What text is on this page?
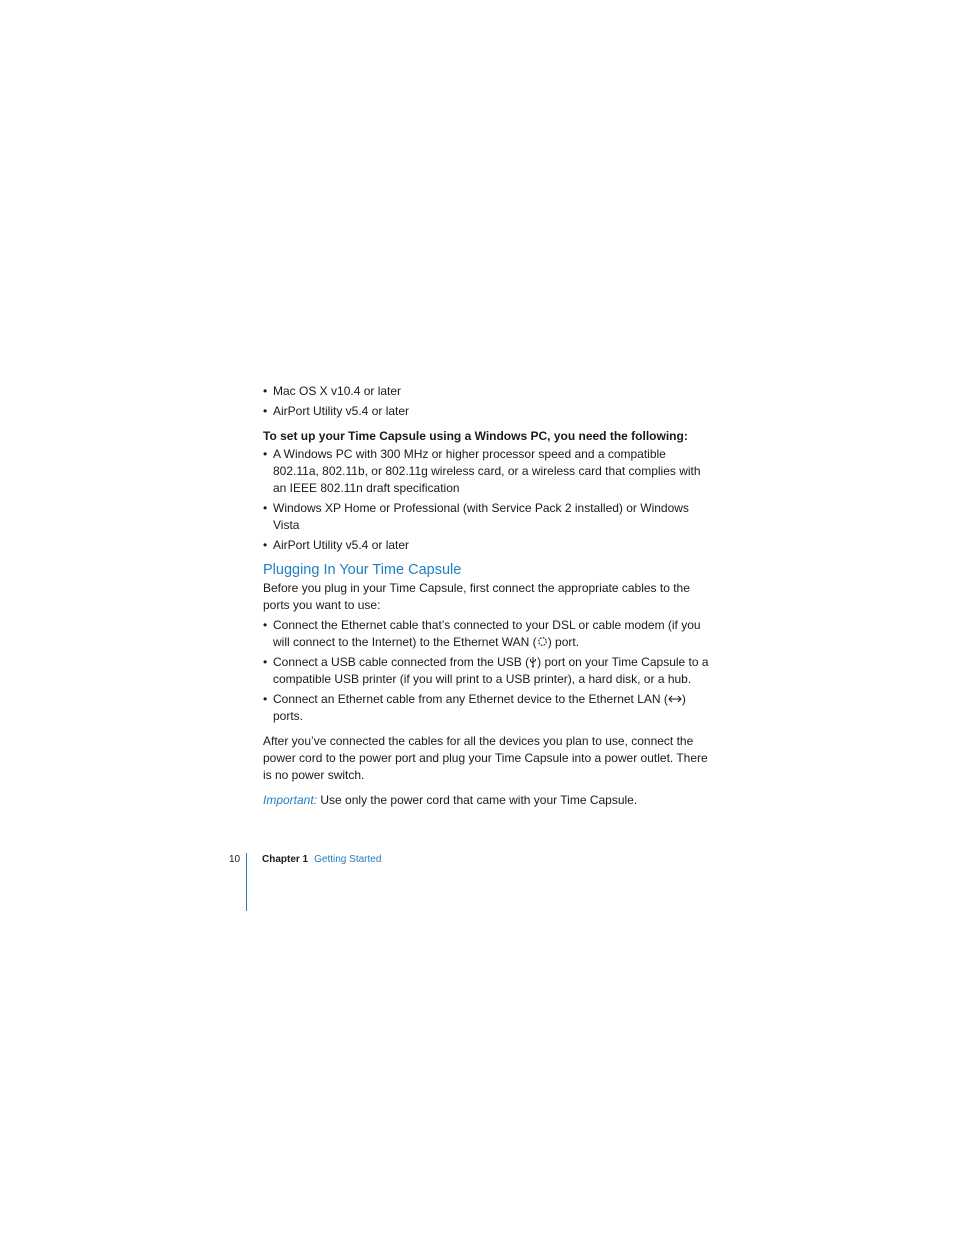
• Mac OS X v10.4 or later
• AirPort Utility v5.4 or later

To set up your Time Capsule using a Windows PC, you need the following:

• A Windows PC with 300 MHz or higher processor speed and a compatible 802.11a, 802.11b, or 802.11g wireless card, or a wireless card that complies with an IEEE 802.11n draft specification
• Windows XP Home or Professional (with Service Pack 2 installed) or Windows Vista
• AirPort Utility v5.4 or later
Plugging In Your Time Capsule

Before you plug in your Time Capsule, first connect the appropriate cables to the ports you want to use:

• Connect the Ethernet cable that’s connected to your DSL or cable modem (if you will connect to the Internet) to the Ethernet WAN ( ) port.
• Connect a USB cable connected from the USB ( ) port on your Time Capsule to a compatible USB printer (if you will print to a USB printer), a hard disk, or a hub.
• Connect an Ethernet cable from any Ethernet device to the Ethernet LAN ( ) ports.

After you’ve connected the cables for all the devices you plan to use, connect the power cord to the power port and plug your Time Capsule into a power outlet. There is no power switch.

Important: Use only the power cord that came with your Time Capsule.

10 Chapter 1 Getting Started
